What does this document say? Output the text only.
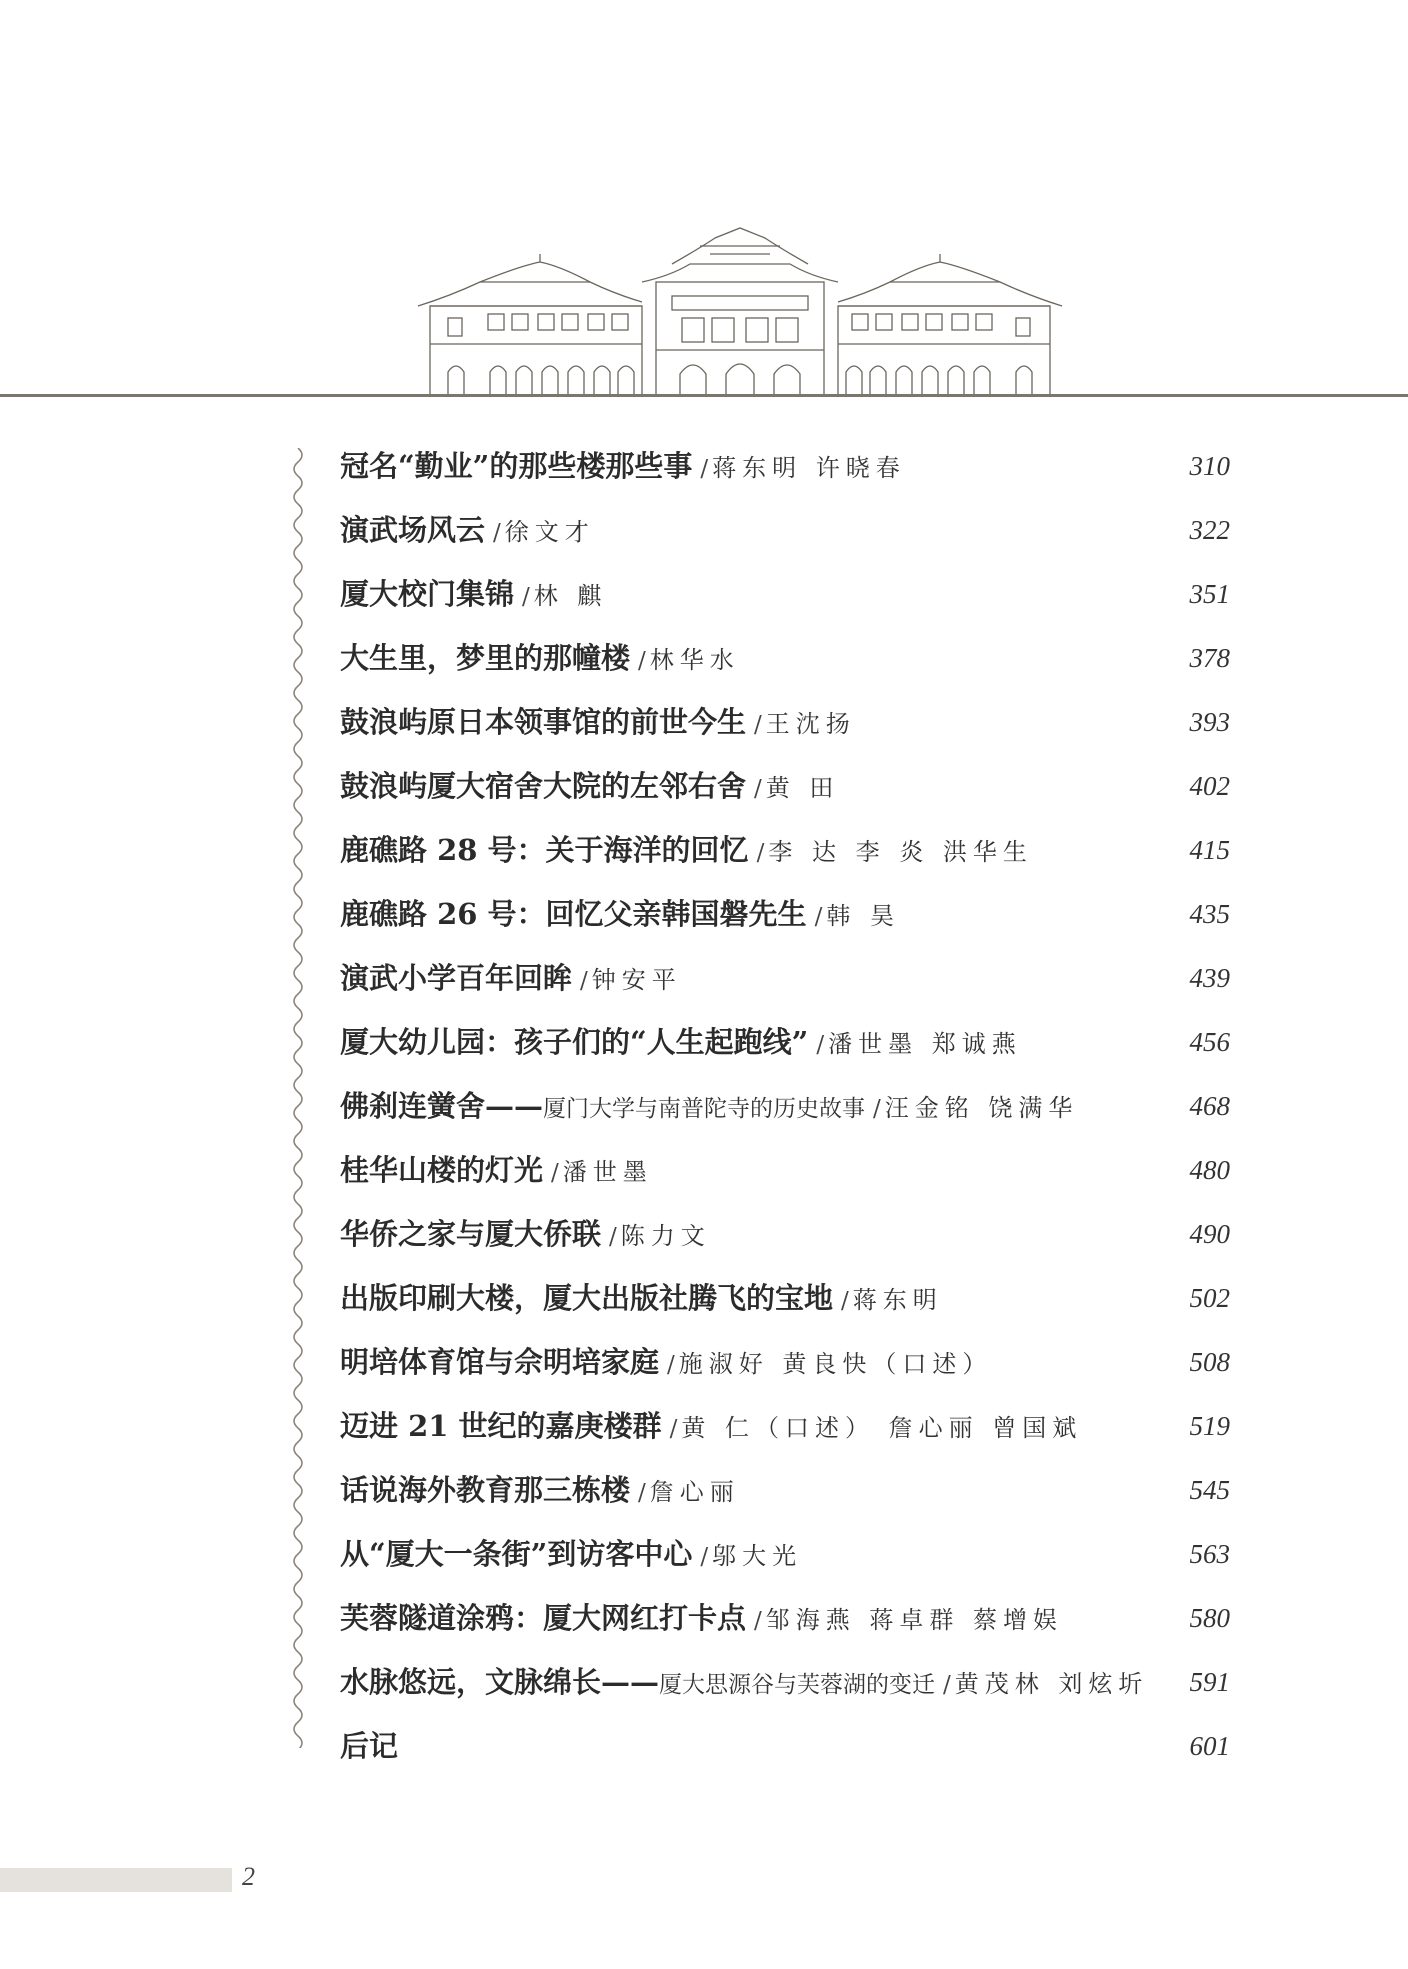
冠名“勤业”的那些楼那些事 / 蒋东明 许晓春	310
演武场风云 / 徐文才	322
厦大校门集锦 / 林 麒	351
大生里，梦里的那幢楼 / 林华水	378
鼓浪屿原日本领事馆的前世今生 / 王沈扬	393
鼓浪屿厦大宿舍大院的左邻右舍 / 黄 田	402
鹿礁路 28 号：关于海洋的回忆 / 李 达 李 炎 洪华生	415
鹿礁路 26 号：回忆父亲韩国磐先生 / 韩 昊	435
演武小学百年回眸 / 钟安平	439
厦大幼儿园：孩子们的“人生起跑线” / 潘世墨 郑诚燕	456
佛刹连黉舍——厦门大学与南普陀寺的历史故事 / 汪金铭 饶满华	468
桂华山楼的灯光 / 潘世墨	480
华侨之家与厦大侨联 / 陈力文	490
出版印刷大楼，厦大出版社腾飞的宝地 / 蒋东明	502
明培体育馆与佘明培家庭 / 施淑好 黄良快（口述）	508
迈进 21 世纪的嘉庚楼群 / 黄 仁（口述） 詹心丽 曾国斌	519
话说海外教育那三栋楼 / 詹心丽	545
从“厦大一条街”到访客中心 / 邬大光	563
芙蓉隧道涂鸦：厦大网红打卡点 / 邹海燕 蒋卓群 蔡增娱	580
水脉悠远，文脉绵长——厦大思源谷与芙蓉湖的变迁 / 黄茂林 刘炫圻 591
后记	601
2
